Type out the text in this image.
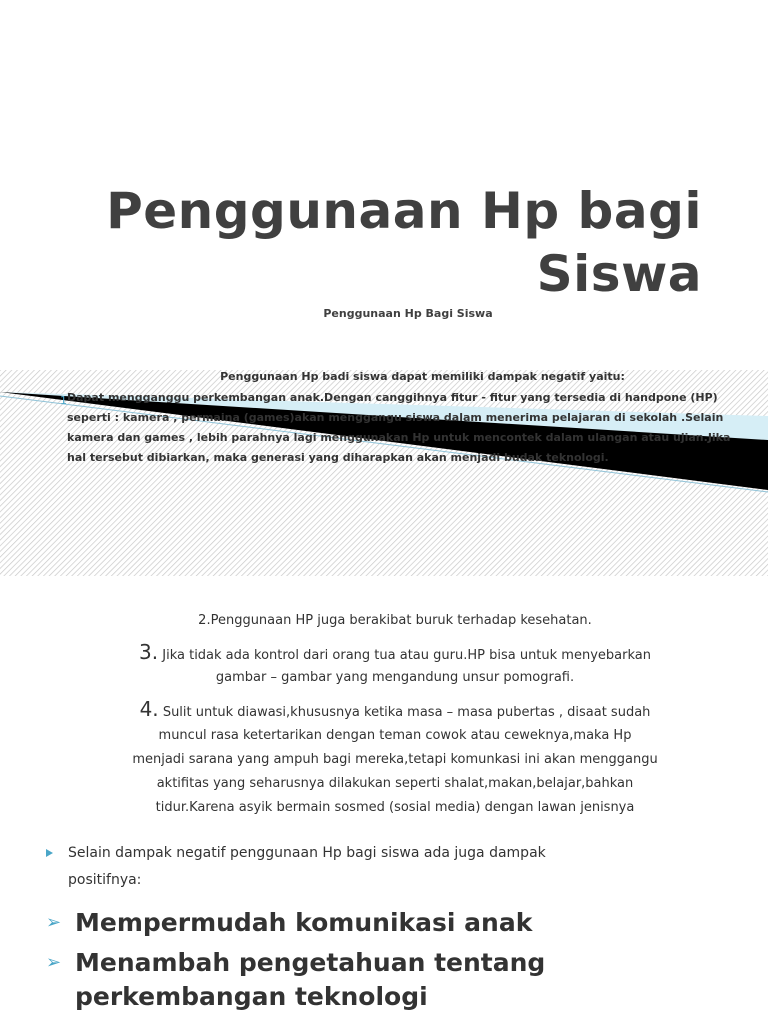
Penggunaan Hp bagi
Siswa
Penggunaan Hp Bagi Siswa
Penggunaan Hp badi siswa dapat memiliki dampak negatif yaitu:
1 Dapat mengganggu perkembangan anak.Dengan canggihnya fitur - fitur yang tersedia di handpone (HP)
seperti : kamera , permaina (games)akan menggangu siswa dalam menerima pelajaran di sekolah .Selain
kamera dan games , lebih parahnya lagi menggunakan Hp untuk mencontek dalam ulangan atau ujian.Jika
hal tersebut dibiarkan, maka generasi yang diharapkan akan menjadi budak teknologi.
2.Penggunaan HP juga berakibat buruk terhadap kesehatan.
3. Jika tidak ada kontrol dari orang tua atau guru.HP bisa untuk menyebarkan
gambar – gambar yang mengandung unsur pomografi.
4. Sulit untuk diawasi,khususnya ketika masa – masa pubertas , disaat sudah
muncul rasa ketertarikan dengan teman cowok atau ceweknya,maka Hp
menjadi sarana yang ampuh bagi mereka,tetapi komunkasi ini akan menggangu
aktifitas yang seharusnya dilakukan seperti shalat,makan,belajar,bahkan
tidur.Karena asyik bermain sosmed (sosial media) dengan lawan jenisnya
Selain dampak negatif penggunaan Hp bagi siswa ada juga dampak
positifnya:
➢ Mempermudah komunikasi anak
➢ Menambah pengetahuan tentang
perkembangan teknologi
